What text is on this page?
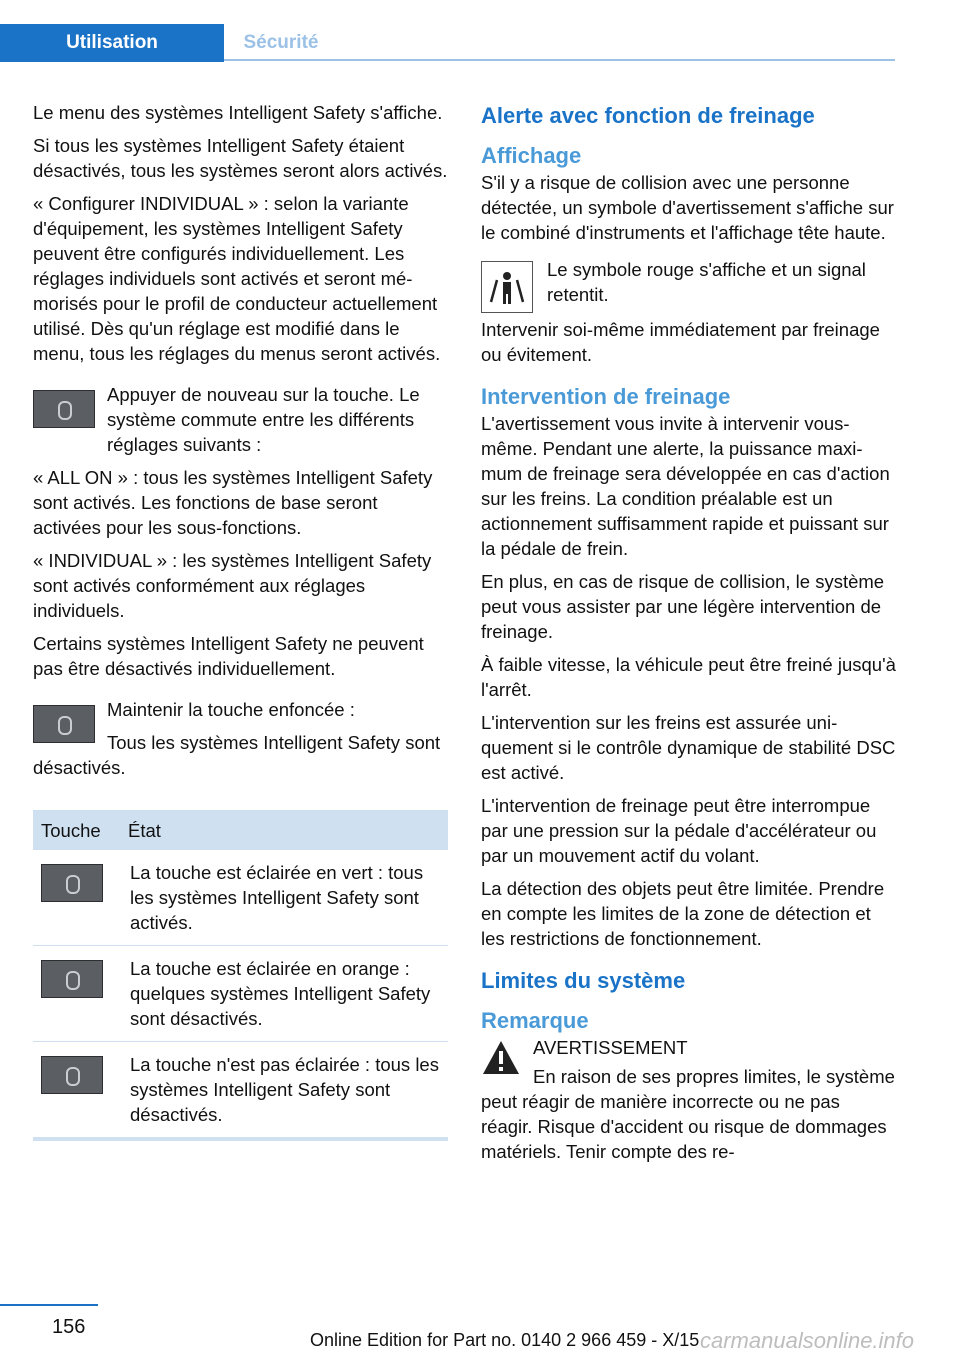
Utilisation	Sécurité

Le menu des systèmes Intelligent Safety s'affiche.

Si tous les systèmes Intelligent Safety étaient désactivés, tous les systèmes seront alors activés.

« Configurer INDIVIDUAL » : selon la variante d'équipement, les systèmes Intelligent Safety peuvent être configurés individuellement. Les réglages individuels sont activés et seront mémorisés pour le profil de conducteur actuellement utilisé. Dès qu'un réglage est modifié dans le menu, tous les réglages du menus seront activés.

Appuyer de nouveau sur la touche. Le système commute entre les différents réglages suivants :

« ALL ON » : tous les systèmes Intelligent Safety sont activés. Les fonctions de base seront activées pour les sous-fonctions.

« INDIVIDUAL » : les systèmes Intelligent Safety sont activés conformément aux réglages individuels.

Certains systèmes Intelligent Safety ne peuvent pas être désactivés individuellement.

Maintenir la touche enfoncée :

Tous les systèmes Intelligent Safety sont désactivés.

Touche	État
La touche est éclairée en vert : tous les systèmes Intelligent Safety sont activés.
La touche est éclairée en orange : quelques systèmes Intelligent Safety sont désactivés.
La touche n'est pas éclairée : tous les systèmes Intelligent Safety sont désactivés.
Alerte avec fonction de freinage
Affichage

S'il y a risque de collision avec une personne détectée, un symbole d'avertissement s'affiche sur le combiné d'instruments et l'affichage tête haute.

Le symbole rouge s'affiche et un signal retentit.

Intervenir soi-même immédiatement par freinage ou évitement.

Intervention de freinage

L'avertissement vous invite à intervenir vous-même. Pendant une alerte, la puissance maximum de freinage sera développée en cas d'action sur les freins. La condition préalable est un actionnement suffisamment rapide et puissant sur la pédale de frein.

En plus, en cas de risque de collision, le système peut vous assister par une légère intervention de freinage.

À faible vitesse, la véhicule peut être freiné jusqu'à l'arrêt.

L'intervention sur les freins est assurée uniquement si le contrôle dynamique de stabilité DSC est activé.

L'intervention de freinage peut être interrompue par une pression sur la pédale d'accélérateur ou par un mouvement actif du volant.

La détection des objets peut être limitée. Prendre en compte les limites de la zone de détection et les restrictions de fonctionnement.

Limites du système
Remarque

AVERTISSEMENT

En raison de ses propres limites, le système peut réagir de manière incorrecte ou ne pas réagir. Risque d'accident ou risque de dommages matériels. Tenir compte des re-

156
Online Edition for Part no. 0140 2 966 459 - X/15 carmanualsonline.info
